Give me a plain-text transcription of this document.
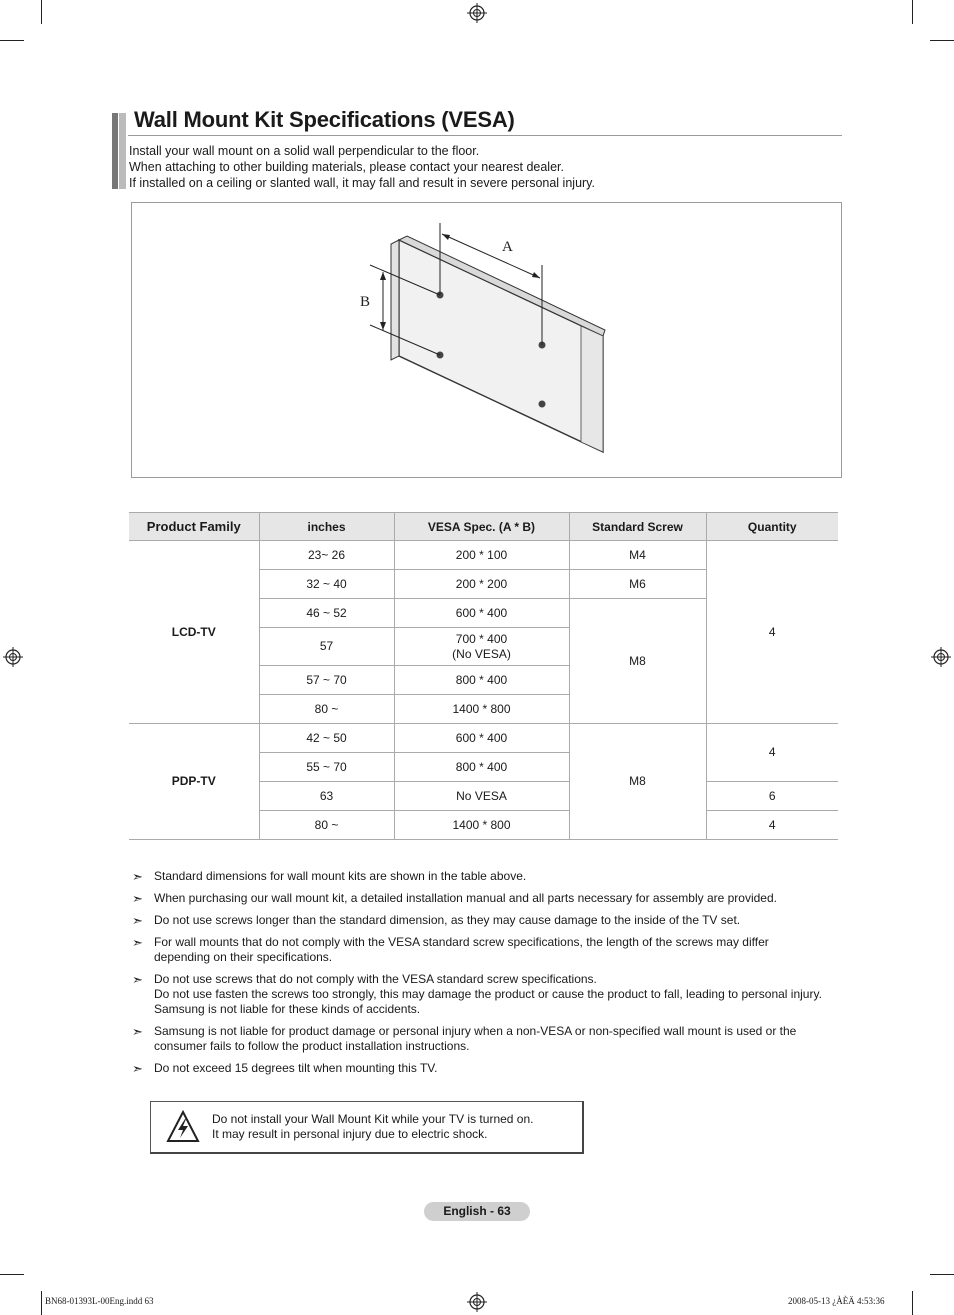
Wall Mount Kit Specifications (VESA)
Install your wall mount on a solid wall perpendicular to the floor.
When attaching to other building materials, please contact your nearest dealer.
If installed on a ceiling or slanted wall, it may fall and result in severe personal injury.
A
B
Product Family	inches	VESA Spec. (A * B)	Standard Screw	Quantity
LCD-TV	23~ 26	200 * 100	M4	4
	32 ~ 40	200 * 200	M6	
	46 ~ 52	600 * 400	M8	
	57	700 * 400
(No VESA)		

	57 ~ 70	800 * 400		
	80 ~	1400 * 800		
PDP-TV	42 ~ 50	600 * 400	M8	4
	55 ~ 70	800 * 400		
	63	No VESA		6
	80 ~	1400 * 800		4
➣ Standard dimensions for wall mount kits are shown in the table above.
➣ When purchasing our wall mount kit, a detailed installation manual and all parts necessary for assembly are provided.
➣ Do not use screws longer than the standard dimension, as they may cause damage to the inside of the TV set.
➣ For wall mounts that do not comply with the VESA standard screw specifications, the length of the screws may differ
depending on their specifications.
➣ Do not use screws that do not comply with the VESA standard screw specifications.
Do not use fasten the screws too strongly, this may damage the product or cause the product to fall, leading to personal injury.
Samsung is not liable for these kinds of accidents.
➣ Samsung is not liable for product damage or personal injury when a non-VESA or non-specified wall mount is used or the
consumer fails to follow the product installation instructions.
➣ Do not exceed 15 degrees tilt when mounting this TV.
Do not install your Wall Mount Kit while your TV is turned on.
It may result in personal injury due to electric shock.
English - 63
BN68-01393L-00Eng.indd 63	2008-05-13 ¿ÀÈÄ 4:53:36
